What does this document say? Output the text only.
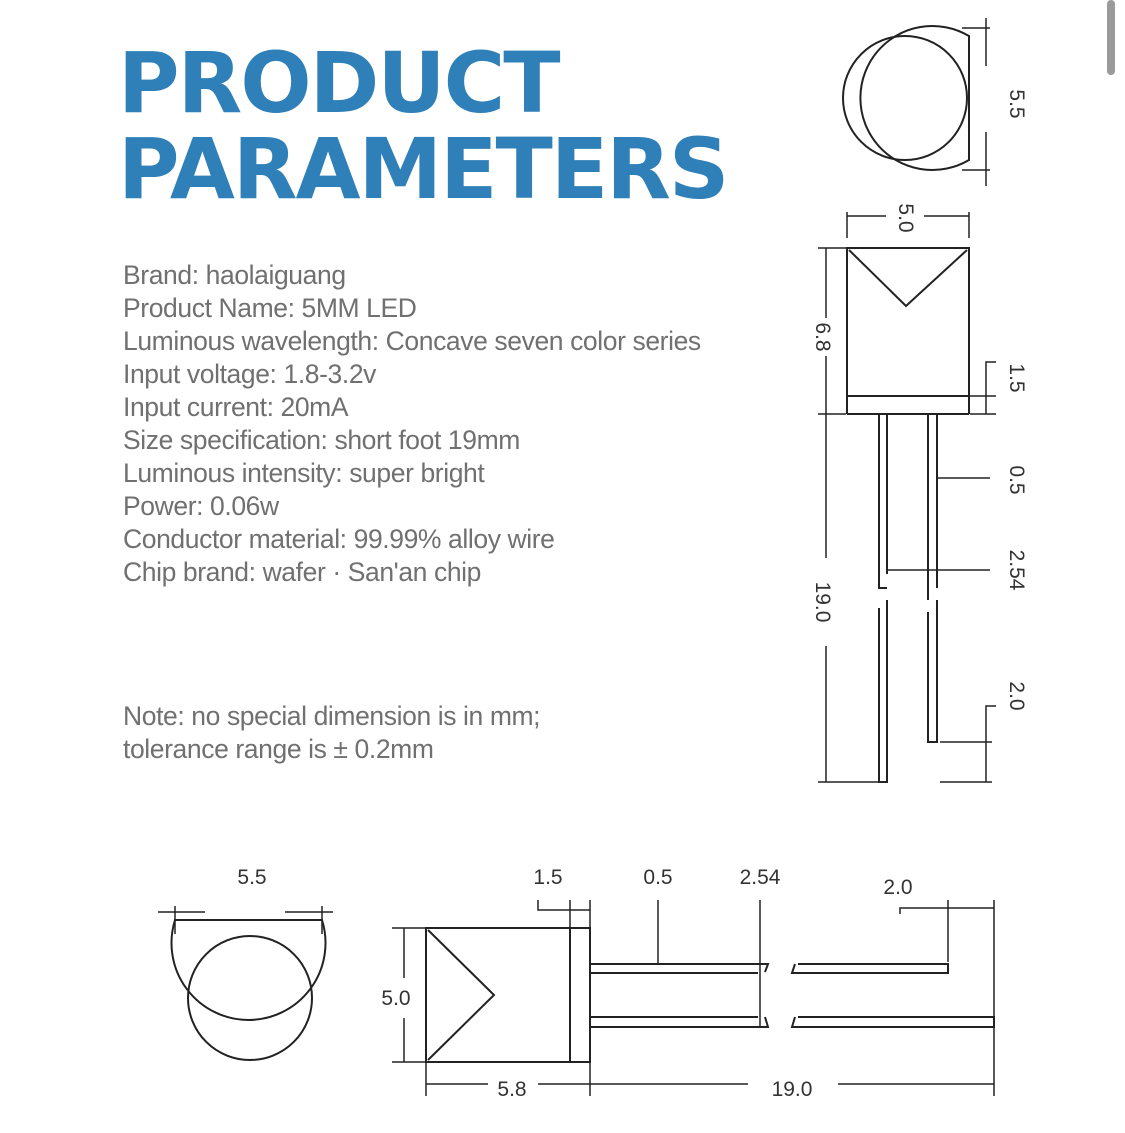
PRODUCT
PARAMETERS
Brand: haolaiguang
Product Name: 5MM LED
Luminous wavelength: Concave seven color series
Input voltage: 1.8-3.2v
Input current: 20mA
Size specification: short foot 19mm
Luminous intensity: super bright
Power: 0.06w
Conductor material: 99.99% alloy wire
Chip brand: wafer · San'an chip
Note: no special dimension is in mm;
tolerance range is ± 0.2mm
5.5
5.0
6.8
1.5
0.5
2.54
19.0
2.0
5.5
5.0
5.8	19.0
1.5	0.5	2.54	2.0
